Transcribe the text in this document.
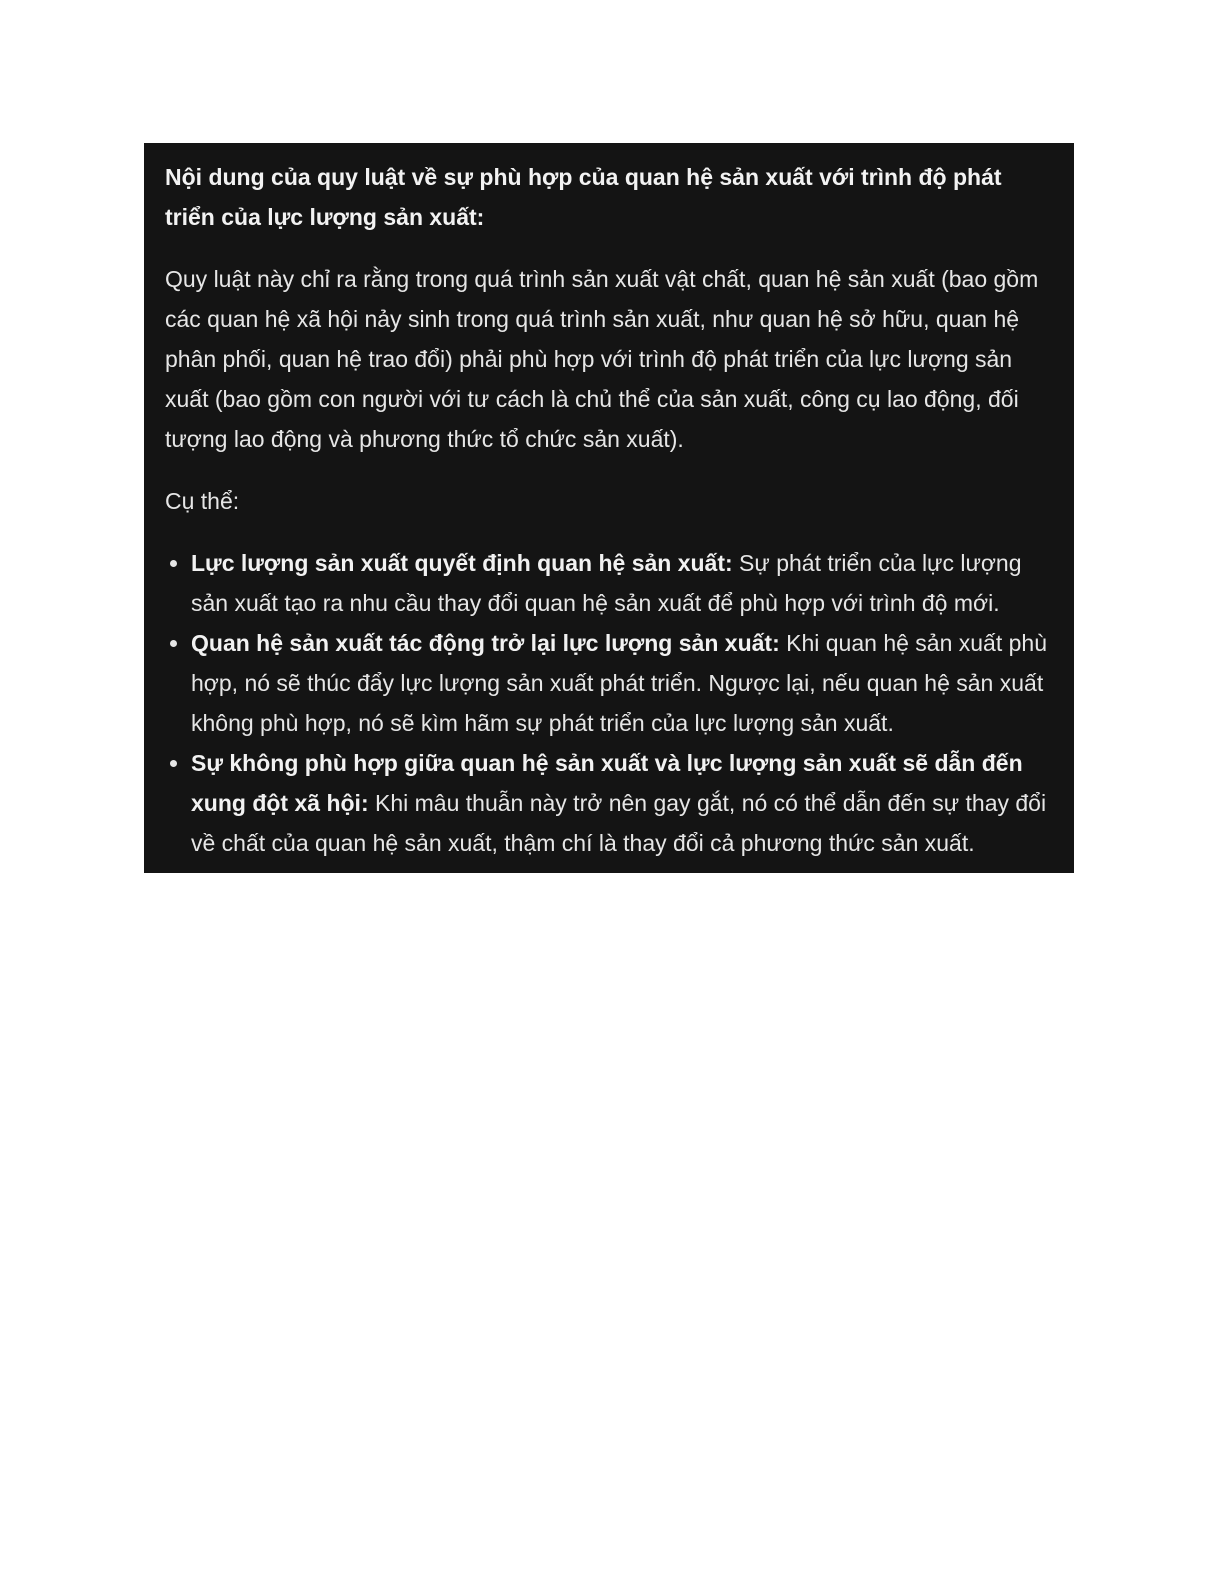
Nội dung của quy luật về sự phù hợp của quan hệ sản xuất với trình độ phát triển của lực lượng sản xuất:

Quy luật này chỉ ra rằng trong quá trình sản xuất vật chất, quan hệ sản xuất (bao gồm các quan hệ xã hội nảy sinh trong quá trình sản xuất, như quan hệ sở hữu, quan hệ phân phối, quan hệ trao đổi) phải phù hợp với trình độ phát triển của lực lượng sản xuất (bao gồm con người với tư cách là chủ thể của sản xuất, công cụ lao động, đối tượng lao động và phương thức tổ chức sản xuất).

Cụ thể:

Lực lượng sản xuất quyết định quan hệ sản xuất: Sự phát triển của lực lượng sản xuất tạo ra nhu cầu thay đổi quan hệ sản xuất để phù hợp với trình độ mới.
Quan hệ sản xuất tác động trở lại lực lượng sản xuất: Khi quan hệ sản xuất phù hợp, nó sẽ thúc đẩy lực lượng sản xuất phát triển. Ngược lại, nếu quan hệ sản xuất không phù hợp, nó sẽ kìm hãm sự phát triển của lực lượng sản xuất.
Sự không phù hợp giữa quan hệ sản xuất và lực lượng sản xuất sẽ dẫn đến xung đột xã hội: Khi mâu thuẫn này trở nên gay gắt, nó có thể dẫn đến sự thay đổi về chất của quan hệ sản xuất, thậm chí là thay đổi cả phương thức sản xuất.
